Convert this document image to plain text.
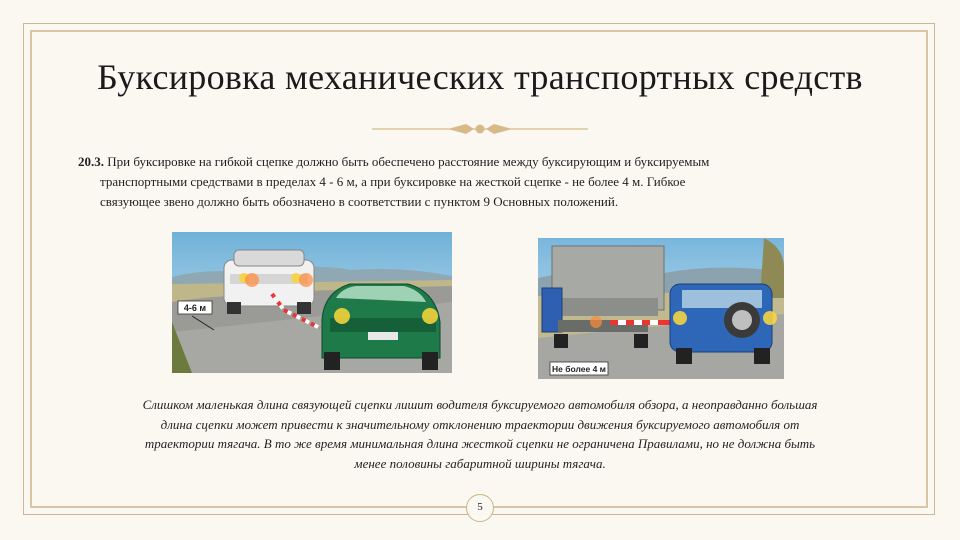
Буксировка механических транспортных средств
20.3. При буксировке на гибкой сцепке должно быть обеспечено расстояние между буксирующим и буксируемым
транспортными средствами в пределах 4 - 6 м, а при буксировке на жесткой сцепке - не более 4 м. Гибкое
связующее звено должно быть обозначено в соответствии с пунктом 9 Основных положений.
4-6 м
Не более 4 м
Слишком маленькая длина связующей сцепки лишит водителя буксируемого автомобиля обзора, а неоправданно большая
длина сцепки может привести к значительному отклонению траектории движения буксируемого автомобиля от
траектории тягача. В то же время минимальная длина жесткой сцепки не ограничена Правилами, но не должна быть
менее половины габаритной ширины тягача.
5
